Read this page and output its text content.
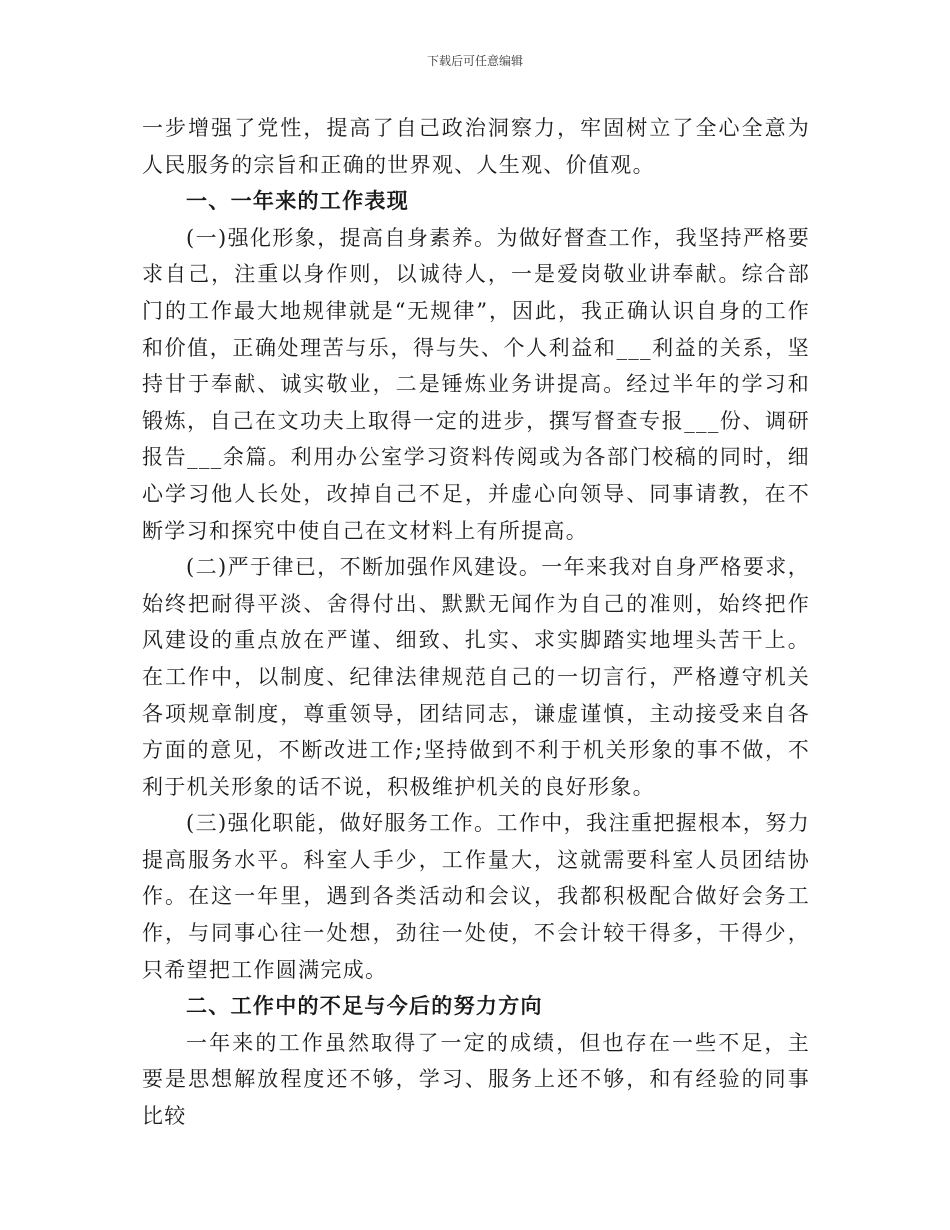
下载后可任意编辑

一步增强了党性，提高了自己政治洞察力，牢固树立了全心全意为人民服务的宗旨和正确的世界观、人生观、价值观。

一、一年来的工作表现

(一)强化形象，提高自身素养。为做好督查工作，我坚持严格要求自己，注重以身作则，以诚待人，一是爱岗敬业讲奉献。综合部门的工作最大地规律就是“无规律”，因此，我正确认识自身的工作和价值，正确处理苦与乐，得与失、个人利益和___利益的关系，坚持甘于奉献、诚实敬业，二是锤炼业务讲提高。经过半年的学习和锻炼，自己在文功夫上取得一定的进步，撰写督查专报___份、调研报告___余篇。利用办公室学习资料传阅或为各部门校稿的同时，细心学习他人长处，改掉自己不足，并虚心向领导、同事请教，在不断学习和探究中使自己在文材料上有所提高。

(二)严于律已，不断加强作风建设。一年来我对自身严格要求，始终把耐得平淡、舍得付出、默默无闻作为自己的准则，始终把作风建设的重点放在严谨、细致、扎实、求实脚踏实地埋头苦干上。在工作中，以制度、纪律法律规范自己的一切言行，严格遵守机关各项规章制度，尊重领导，团结同志，谦虚谨慎，主动接受来自各方面的意见，不断改进工作;坚持做到不利于机关形象的事不做，不利于机关形象的话不说，积极维护机关的良好形象。

(三)强化职能，做好服务工作。工作中，我注重把握根本，努力提高服务水平。科室人手少，工作量大，这就需要科室人员团结协作。在这一年里，遇到各类活动和会议，我都积极配合做好会务工作，与同事心往一处想，劲往一处使，不会计较干得多，干得少，只希望把工作圆满完成。

二、工作中的不足与今后的努力方向

一年来的工作虽然取得了一定的成绩，但也存在一些不足，主要是思想解放程度还不够，学习、服务上还不够，和有经验的同事比较
